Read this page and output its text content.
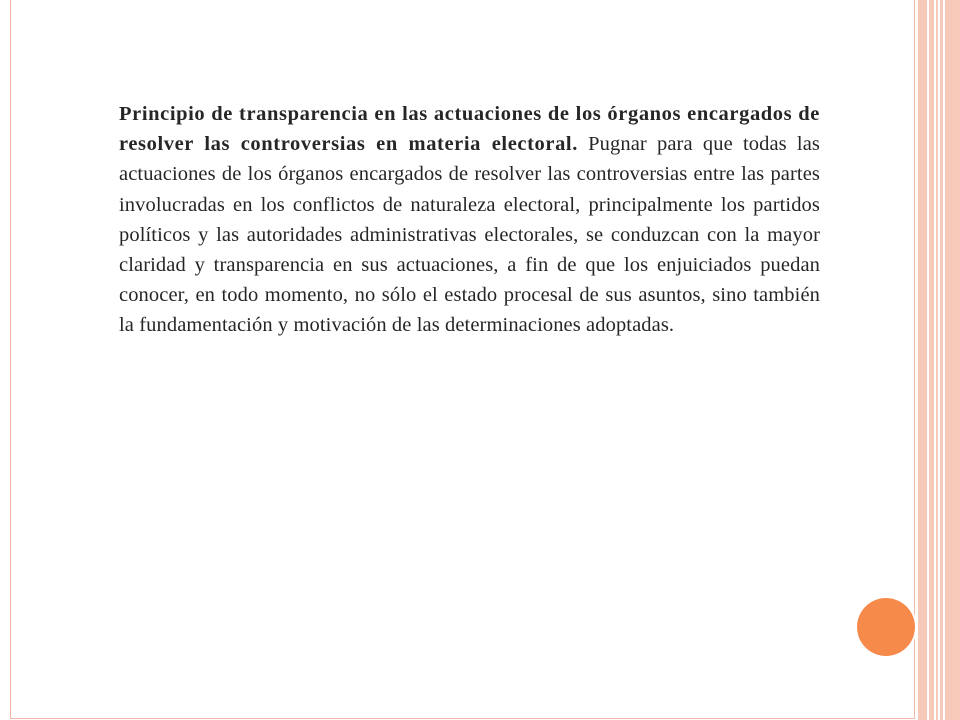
Principio de transparencia en las actuaciones de los órganos encargados de resolver las controversias en materia electoral. Pugnar para que todas las actuaciones de los órganos encargados de resolver las controversias entre las partes involucradas en los conflictos de naturaleza electoral, principalmente los partidos políticos y las autoridades administrativas electorales, se conduzcan con la mayor claridad y transparencia en sus actuaciones, a fin de que los enjuiciados puedan conocer, en todo momento, no sólo el estado procesal de sus asuntos, sino también la fundamentación y motivación de las determinaciones adoptadas.
